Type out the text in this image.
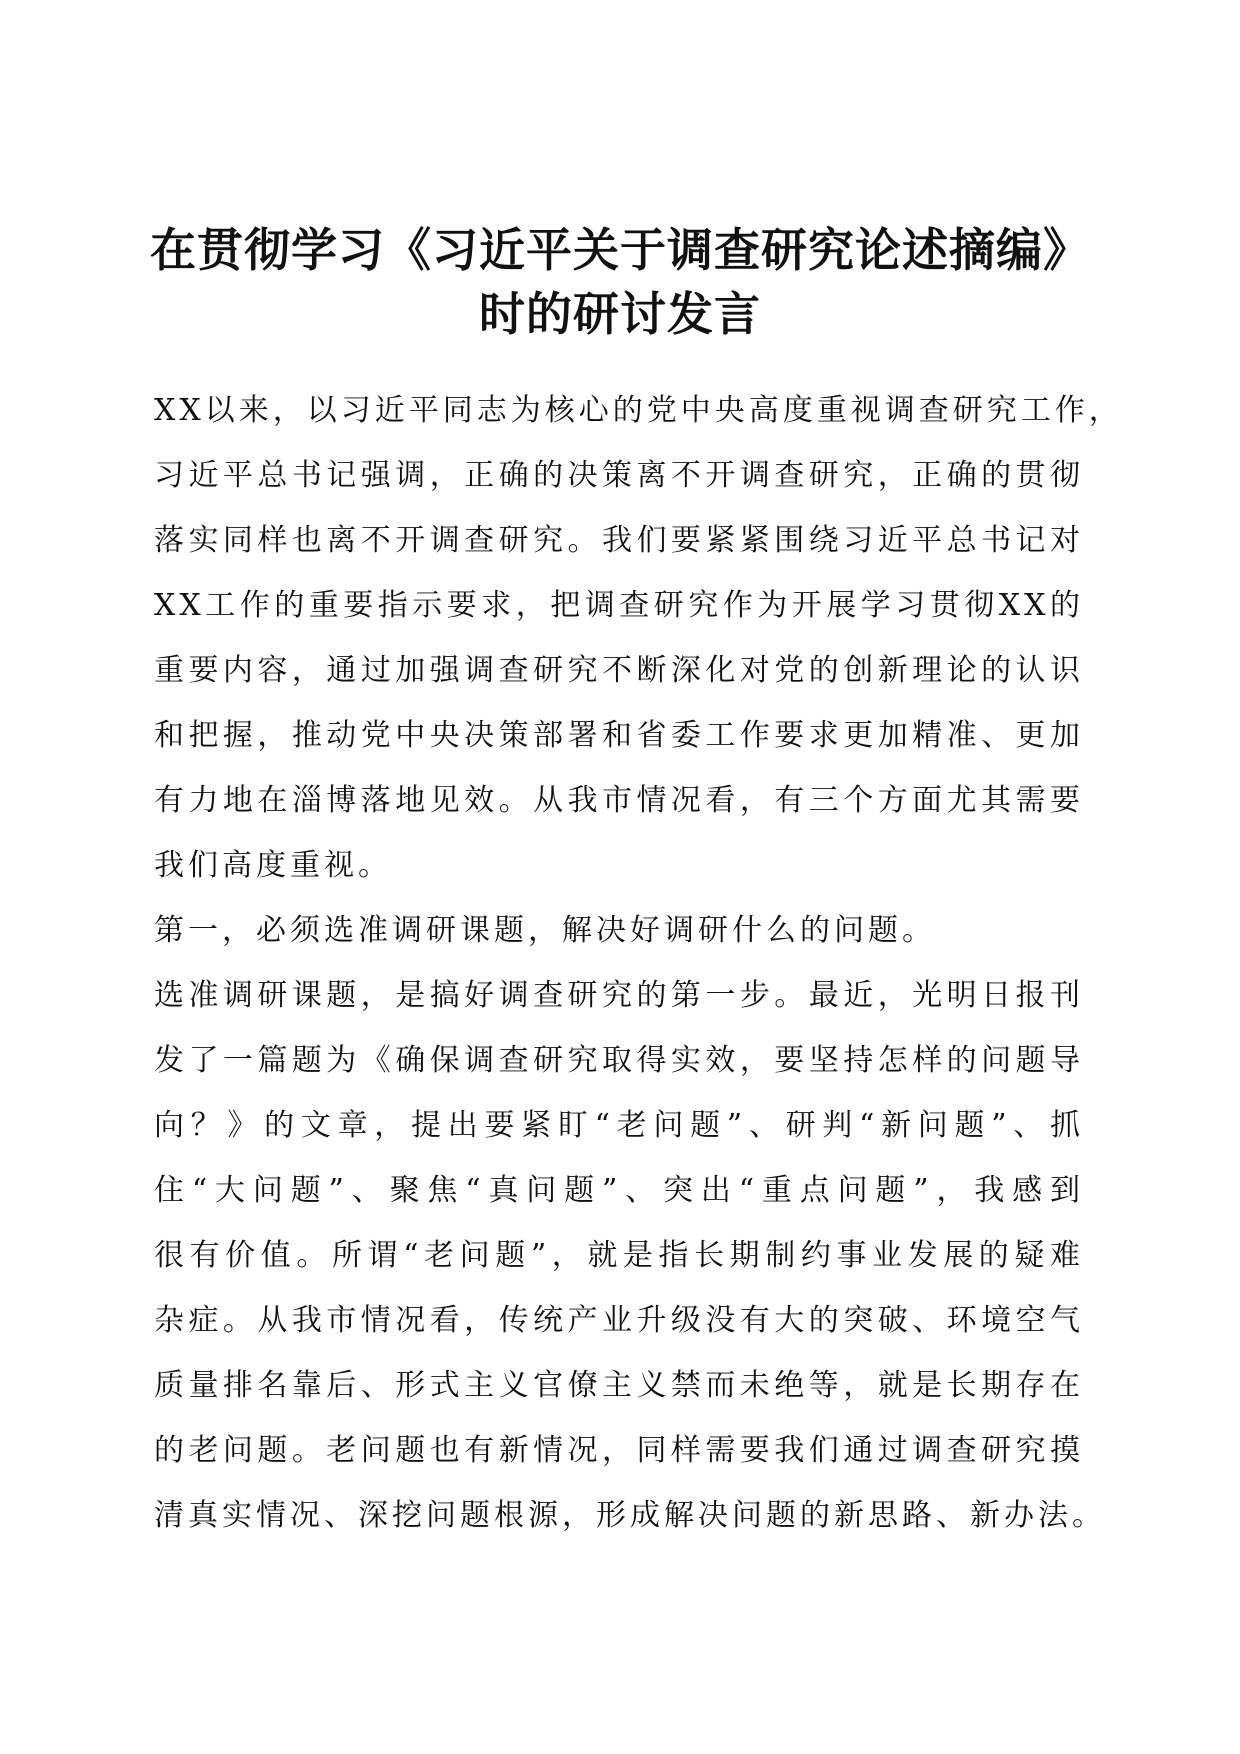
在贯彻学习《习近平关于调查研究论述摘编》
时的研讨发言
XX以来，以习近平同志为核心的党中央高度重视调查研究工作，
习近平总书记强调，正确的决策离不开调查研究，正确的贯彻
落实同样也离不开调查研究。我们要紧紧围绕习近平总书记对
XX工作的重要指示要求，把调查研究作为开展学习贯彻XX的
重要内容，通过加强调查研究不断深化对党的创新理论的认识
和把握，推动党中央决策部署和省委工作要求更加精准、更加
有力地在淄博落地见效。从我市情况看，有三个方面尤其需要
我们高度重视。
第一，必须选准调研课题，解决好调研什么的问题。
选准调研课题，是搞好调查研究的第一步。最近，光明日报刊
发了一篇题为《确保调查研究取得实效，要坚持怎样的问题导
向？》的文章，提出要紧盯“老问题”、研判“新问题”、抓
住“大问题”、聚焦“真问题”、突出“重点问题”，我感到
很有价值。所谓“老问题”，就是指长期制约事业发展的疑难
杂症。从我市情况看，传统产业升级没有大的突破、环境空气
质量排名靠后、形式主义官僚主义禁而未绝等，就是长期存在
的老问题。老问题也有新情况，同样需要我们通过调查研究摸
清真实情况、深挖问题根源，形成解决问题的新思路、新办法。
